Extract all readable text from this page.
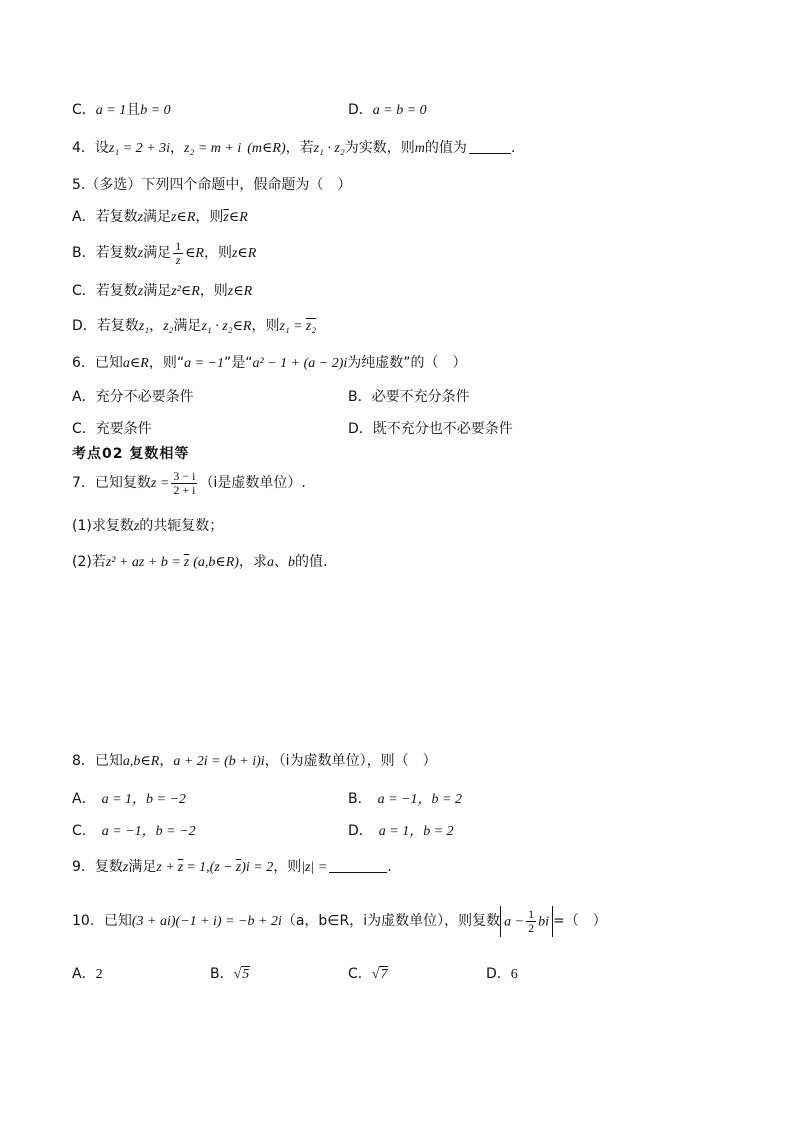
C．a = 1且b = 0	D．a = b = 0
4．设z₁ = 2 + 3i，z₂ = m + i (m∈R)，若z₁ · z₂为实数，则m的值为	.
5.（多选）下列四个命题中，假命题为（　）
A．若复数z满足z∈R，则$\overline{z}\in R$
B．若复数z满足 $\frac{1}{z}$ ∈R，则z∈R
C．若复数z满足z²∈R，则z∈R
D．若复数z₁，z₂满足z₁ · z₂∈R，则z₁ = z₂
6．已知a∈R，则“a = −1”是“a² − 1 + (a − 2)i为纯虚数”的（　）
A．充分不必要条件	B．必要不充分条件
C．充要条件	D．既不充分也不必要条件
考点02 复数相等
7．已知复数$z = \frac{3 - i}{2 + i} (i$是虚数单位）.
(1)求复数z的共轭复数；
(2)若z² + az + $b = \overline{z}$ (a,b∈R)，求a、b的值.
8．已知a,b∈R，a + 2i = (b + i)i，（i为虚数单位），则（　）
A． a = 1，b = −2	B． a = −1，b = 2
C． a = −1，b = −2	D． a = 1，b = 2
9．复数z满足$z + \overline{z} = 1,(z - \overline{z})i = 2$，则|z| =	.
10．已知(3 + ai)(−1 + i) = −b + 2i（a，b∈R，i为虚数单位），则复数 $a - \frac{1}{2}$ bi =（　）
A．2	B．√5	C．√7	D．6
